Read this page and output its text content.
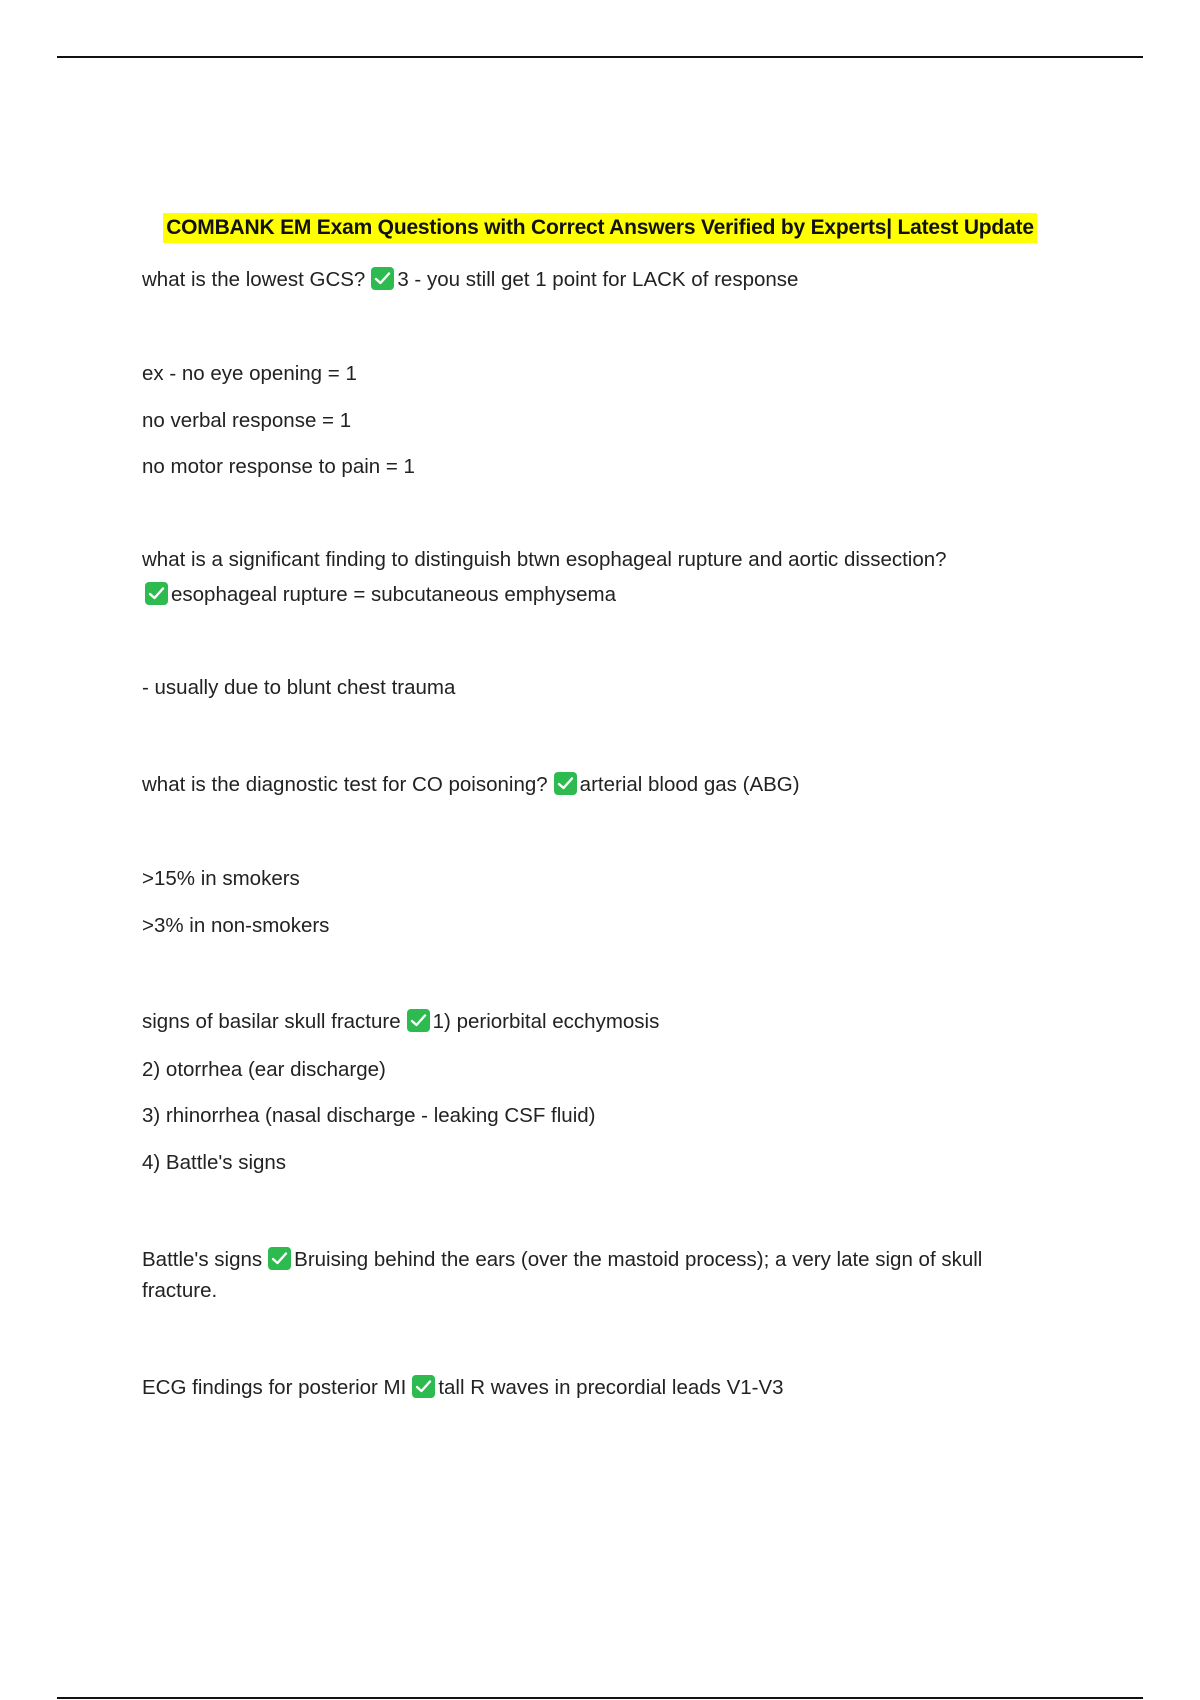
COMBANK EM Exam Questions with Correct Answers Verified by Experts| Latest Update
what is the lowest GCS? 3 - you still get 1 point for LACK of response
ex - no eye opening = 1
no verbal response = 1
no motor response to pain = 1
what is a significant finding to distinguish btwn esophageal rupture and aortic dissection?
esophageal rupture = subcutaneous emphysema
- usually due to blunt chest trauma
what is the diagnostic test for CO poisoning? arterial blood gas (ABG)
>15% in smokers
>3% in non-smokers
signs of basilar skull fracture 1) periorbital ecchymosis
2) otorrhea (ear discharge)
3) rhinorrhea (nasal discharge - leaking CSF fluid)
4) Battle's signs
Battle's signs Bruising behind the ears (over the mastoid process); a very late sign of skull fracture.
ECG findings for posterior MI tall R waves in precordial leads V1-V3
